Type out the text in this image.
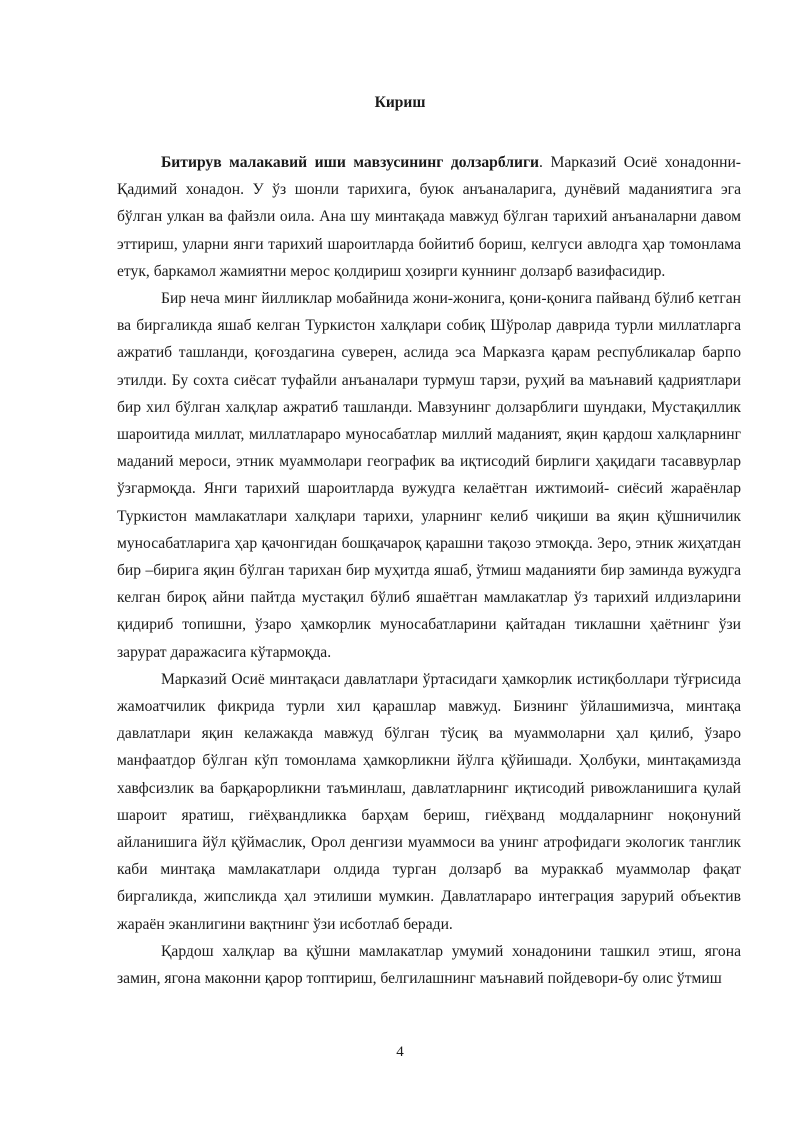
Кириш

Битирув малакавий иши мавзусининг долзарблиги. Марказий Осиё хонадонни-Қадимий хонадон. У ўз шонли тарихига, буюк анъаналарига, дунёвий маданиятига эга бўлган улкан ва файзли оила. Ана шу минтақада мавжуд бўлган тарихий анъаналарни давом эттириш, уларни янги тарихий шароитларда бойитиб бориш, келгуси авлодга ҳар томонлама етук, баркамол жамиятни мерос қолдириш ҳозирги куннинг долзарб вазифасидир.

Бир неча минг йилликлар мобайнида жони-жонига, қони-қонига пайванд бўлиб кетган ва биргаликда яшаб келган Туркистон халқлари собиқ Шўролар даврида турли миллатларга ажратиб ташланди, қоғоздагина суверен, аслида эса Марказга қарам республикалар барпо этилди. Бу сохта сиёсат туфайли анъаналари турмуш тарзи, руҳий ва маънавий қадриятлари бир хил бўлган халқлар ажратиб ташланди. Мавзунинг долзарблиги шундаки, Мустақиллик шароитида миллат, миллатлараро муносабатлар миллий маданият, яқин қардош халқларнинг маданий мероси, этник муаммолари географик ва иқтисодий бирлиги ҳақидаги тасаввурлар ўзгармоқда. Янги тарихий шароитларда вужудга келаётган ижтимоий- сиёсий жараёнлар Туркистон мамлакатлари халқлари тарихи, уларнинг келиб чиқиши ва яқин қўшничилик муносабатларига ҳар қачонгидан бошқачароқ қарашни тақозо этмоқда. Зеро, этник жиҳатдан бир –бирига яқин бўлган тарихан бир муҳитда яшаб, ўтмиш маданияти бир заминда вужудга келган бироқ айни пайтда мустақил бўлиб яшаётган мамлакатлар ўз тарихий илдизларини қидириб топишни, ўзаро ҳамкорлик муносабатларини қайтадан тиклашни ҳаётнинг ўзи зарурат даражасига кўтармоқда.

Марказий Осиё минтақаси давлатлари ўртасидаги ҳамкорлик истиқболлари тўғрисида жамоатчилик фикрида турли хил қарашлар мавжуд. Бизнинг ўйлашимизча, минтақа давлатлари яқин келажакда мавжуд бўлган тўсиқ ва муаммоларни ҳал қилиб, ўзаро манфаатдор бўлган кўп томонлама ҳамкорликни йўлга қўйишади. Ҳолбуки, минтақамизда хавфсизлик ва барқарорликни таъминлаш, давлатларнинг иқтисодий ривожланишига қулай шароит яратиш, гиёҳвандликка барҳам бериш, гиёҳванд моддаларнинг ноқонуний айланишига йўл қўймаслик, Орол денгизи муаммоси ва унинг атрофидаги экологик танглик каби минтақа мамлакатлари олдида турган долзарб ва мураккаб муаммолар фақат биргаликда, жипсликда ҳал этилиши мумкин. Давлатлараро интеграция зарурий объектив жараён эканлигини вақтнинг ўзи исботлаб беради.

Қардош халқлар ва қўшни мамлакатлар умумий хонадонини ташкил этиш, ягона замин, ягона маконни қарор топтириш, белгилашнинг маънавий пойдевори-бу олис ўтмиш

4
